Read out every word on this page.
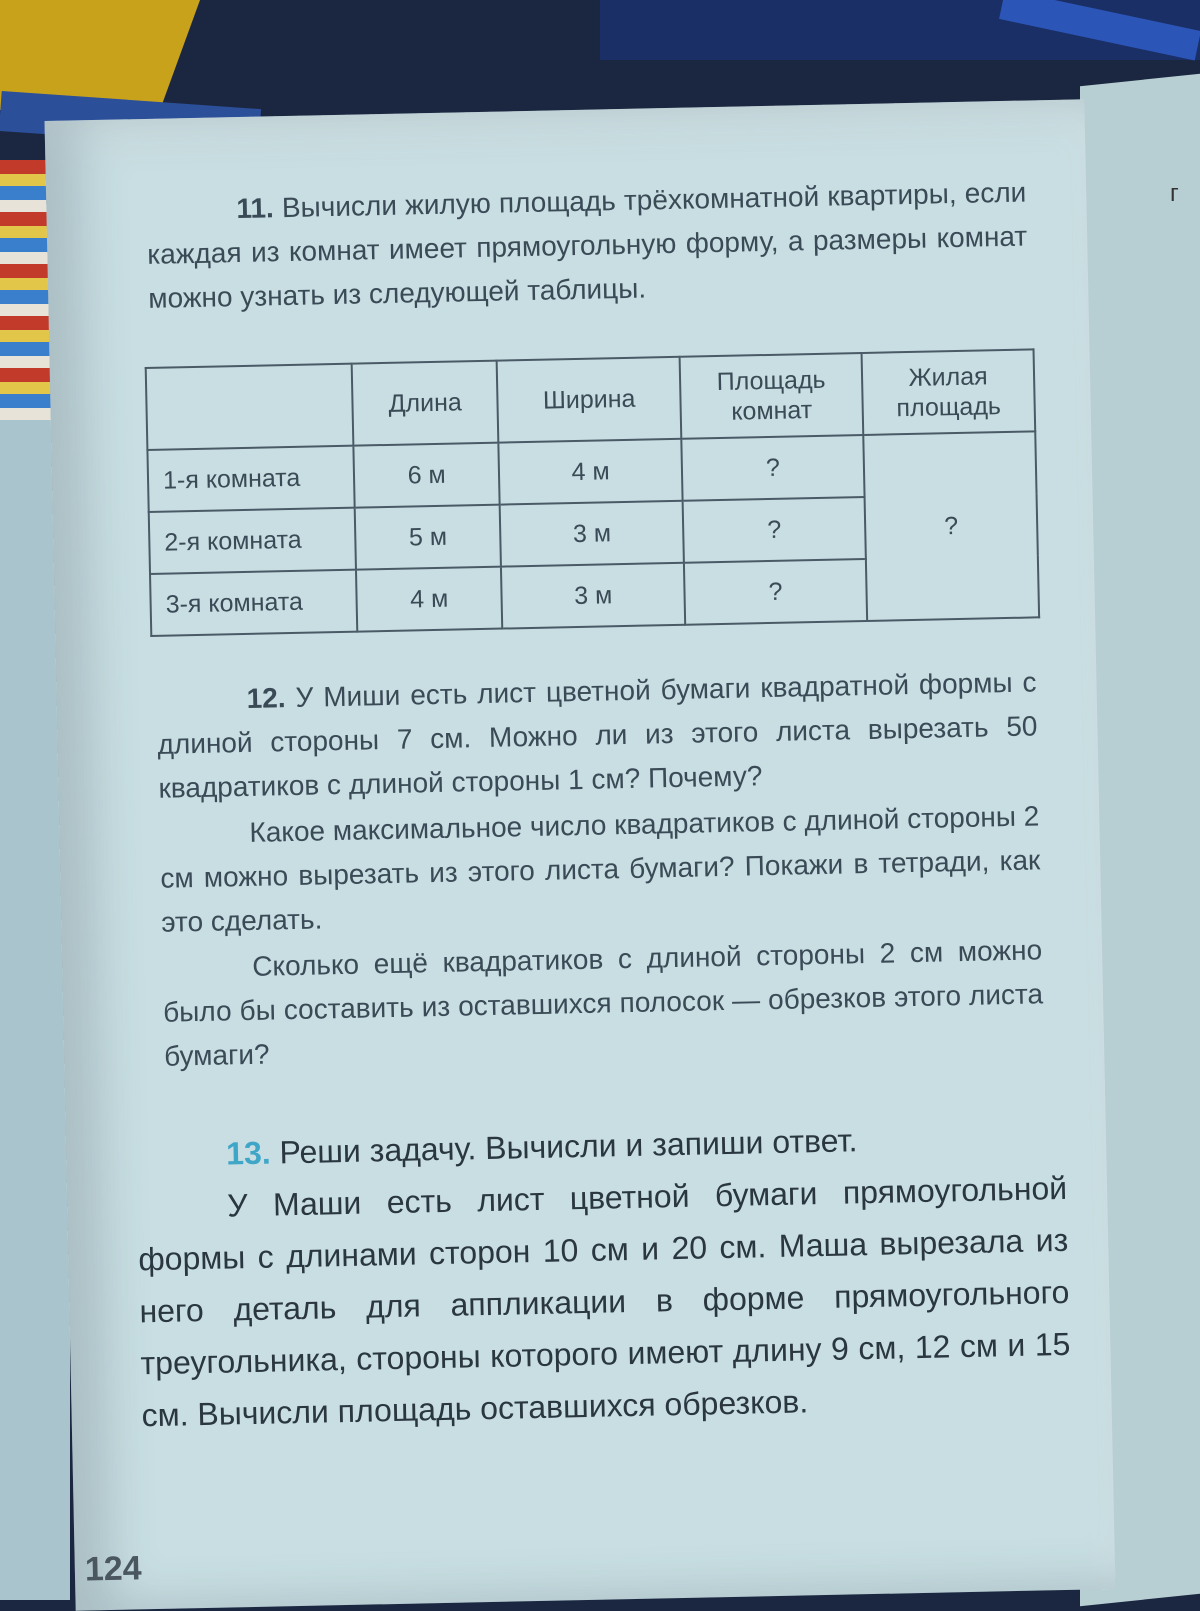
г

11. Вычисли жилую площадь трёхкомнатной квартиры, если каждая из комнат имеет прямоугольную форму, а размеры комнат можно узнать из следующей таблицы.

	Длина	Ширина	Площадь комнат	Жилая площадь
1-я комната	6 м	4 м	?	?
2-я комната	5 м	3 м	?	
3-я комната	4 м	3 м	?	

12. У Миши есть лист цветной бумаги квадратной формы с длиной стороны 7 см. Можно ли из этого листа вырезать 50 квадратиков с длиной стороны 1 см? Почему?

Какое максимальное число квадратиков с длиной стороны 2 см можно вырезать из этого листа бумаги? Покажи в тетради, как это сделать.

Сколько ещё квадратиков с длиной стороны 2 см можно было бы составить из оставшихся полосок — обрезков этого листа бумаги?

13. Реши задачу. Вычисли и запиши ответ.

У Маши есть лист цветной бумаги прямоугольной формы с длинами сторон 10 см и 20 см. Маша вырезала из него деталь для аппликации в форме прямоугольного треугольника, стороны которого имеют длину 9 см, 12 см и 15 см. Вычисли площадь оставшихся обрезков.

124
